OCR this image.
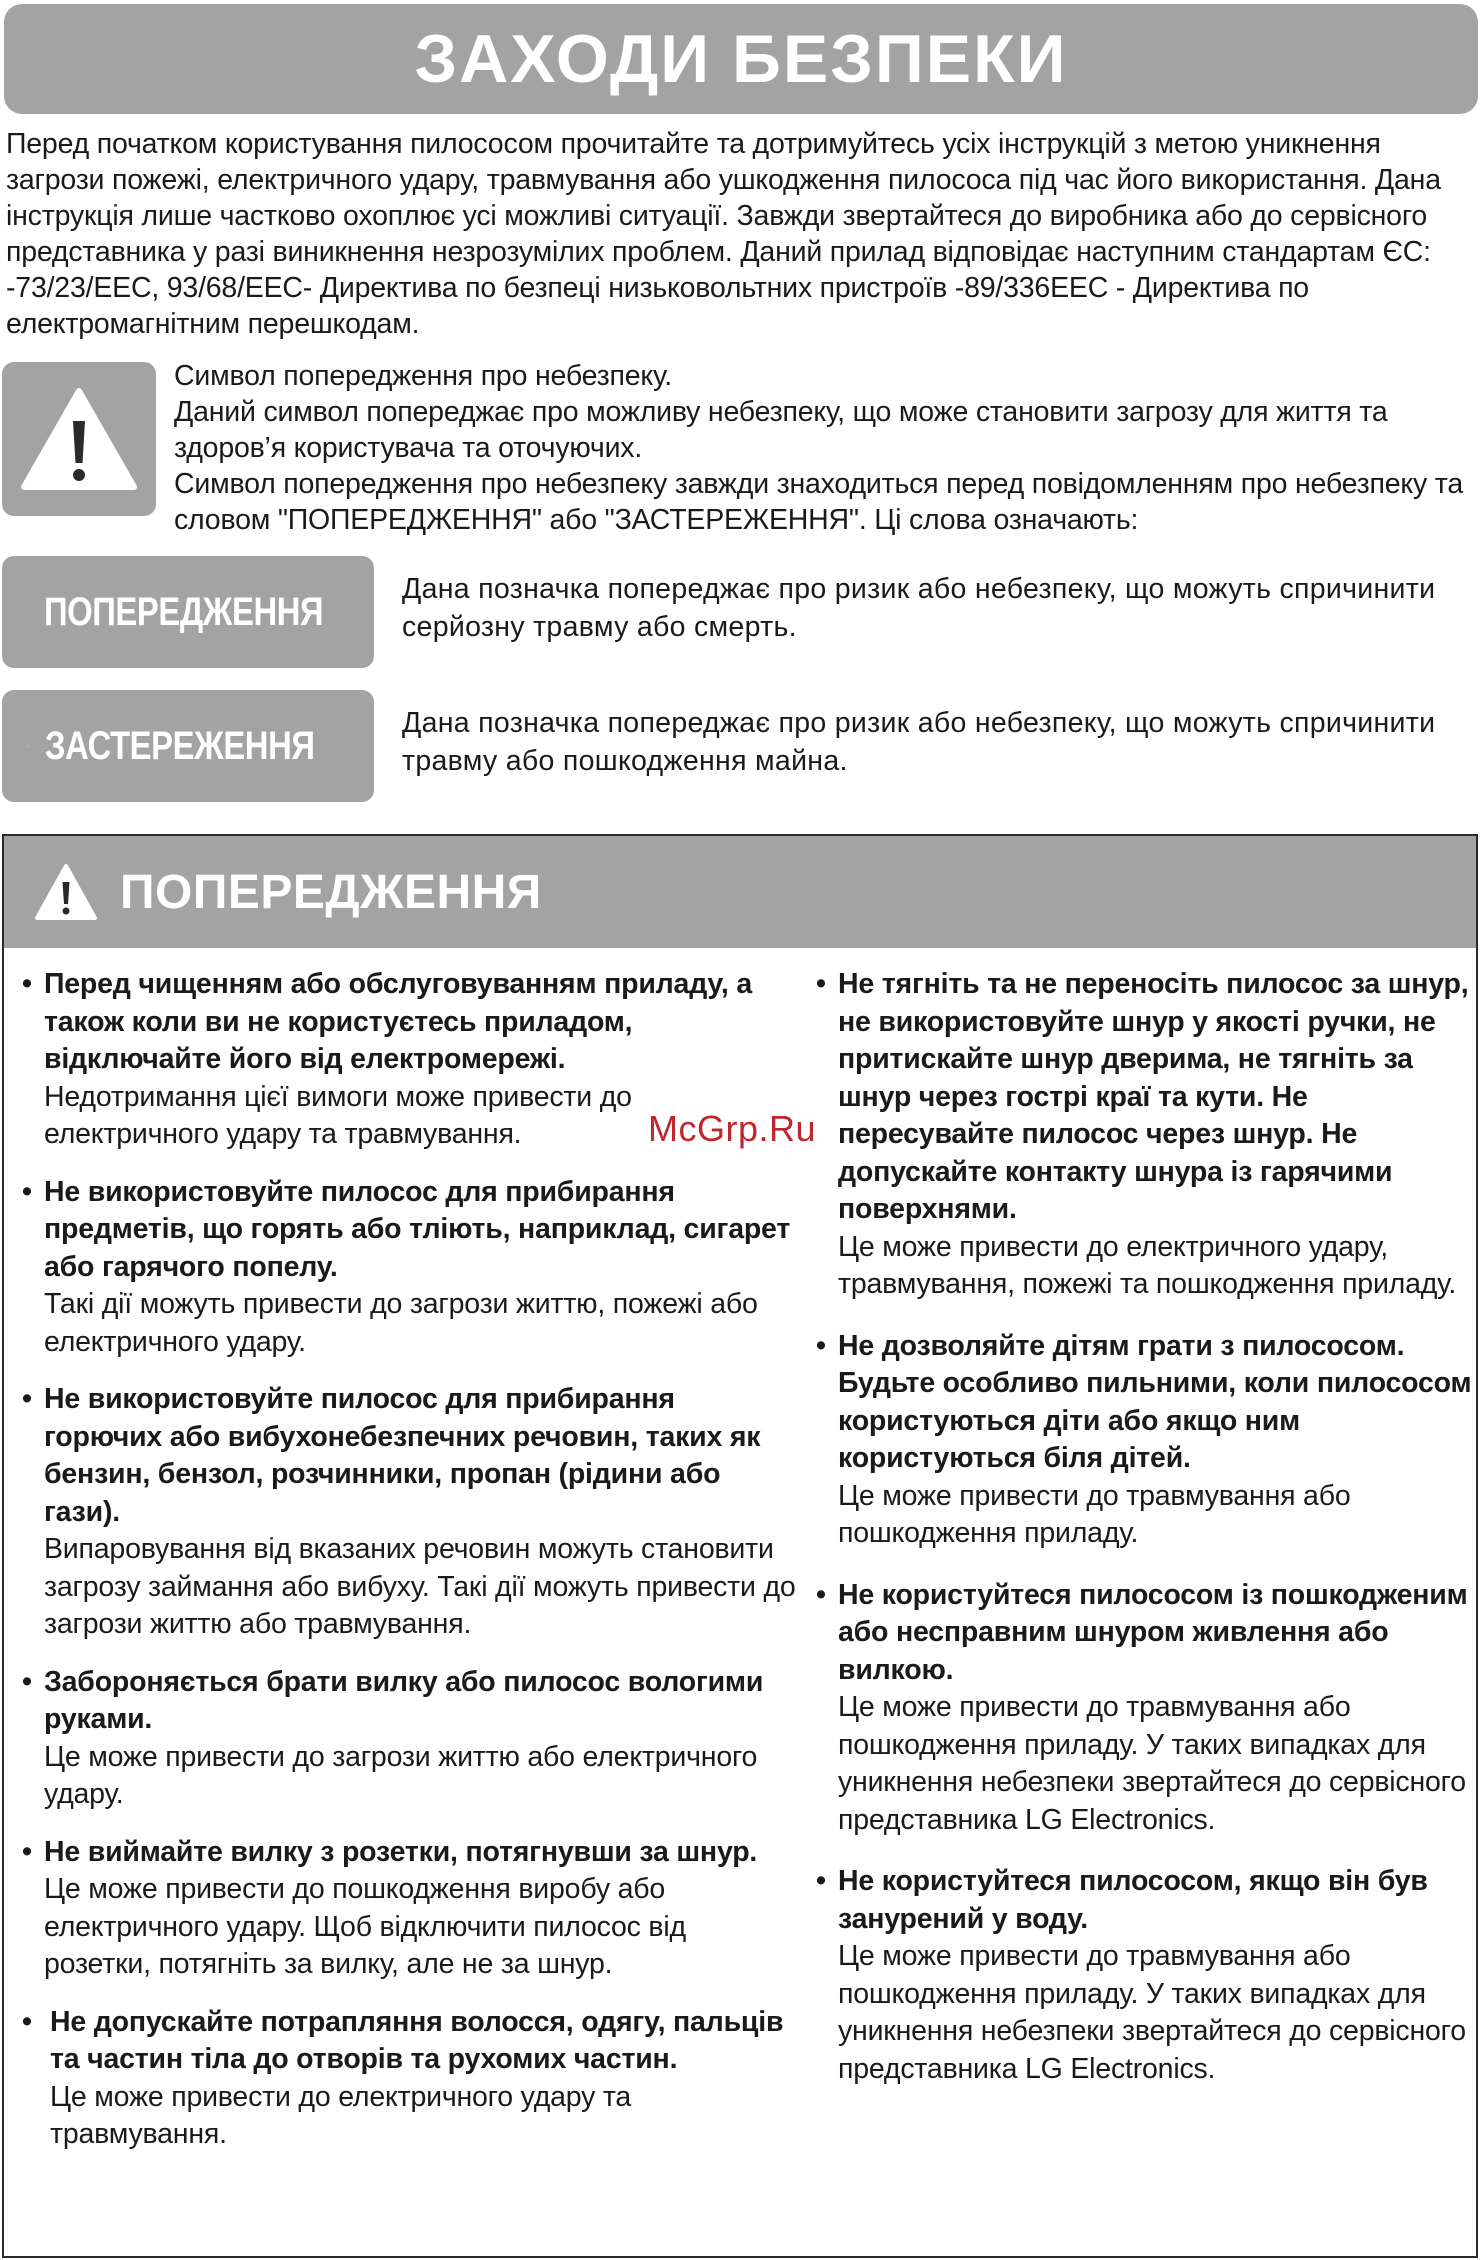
ЗАХОДИ БЕЗПЕКИ

Перед початком користування пилососом прочитайте та дотримуйтесь усіх інструкцій з метою уникнення загрози пожежі, електричного удару, травмування або ушкодження пилососа під час його використання. Дана інструкція лише частково охоплює усі можливі ситуації. Завжди звертайтеся до виробника або до сервісного представника у разі виникнення незрозумілих проблем. Даний прилад відповідає наступним стандартам ЄС: -73/23/EEC, 93/68/EEC- Директива по безпеці низьковольтних пристроїв -89/336EEC - Директива по електромагнітним перешкодам.

Символ попередження про небезпеку.

Даний символ попереджає про можливу небезпеку, що може становити загрозу для життя та здоров’я користувача та оточуючих.

Символ попередження про небезпеку завжди знаходиться перед повідомленням про небезпеку та словом "ПОПЕРЕДЖЕННЯ" або "ЗАСТЕРЕЖЕННЯ". Ці слова означають:

ПОПЕРЕДЖЕННЯ

Дана позначка попереджає про ризик або небезпеку, що можуть спричинити серйозну травму або смерть.

ЗАСТЕРЕЖЕННЯ

Дана позначка попереджає про ризик або небезпеку, що можуть спричинити травму або пошкодження майна.

ПОПЕРЕДЖЕННЯ
• Перед чищенням або обслуговуванням приладу, а також коли ви не користуєтесь приладом, відключайте його від електромережі.
Недотримання цієї вимоги може привести до електричного удару та травмування.
• Не використовуйте пилосос для прибирання предметів, що горять або тліють, наприклад, сигарет або гарячого попелу.
Такі дії можуть привести до загрози життю, пожежі або електричного удару.
• Не використовуйте пилосос для прибирання горючих або вибухонебезпечних речовин, таких як бензин, бензол, розчинники, пропан (рідини або гази).
Випаровування від вказаних речовин можуть становити загрозу займання або вибуху. Такі дії можуть привести до загрози життю або травмування.
• Забороняється брати вилку або пилосос вологими руками.
Це може привести до загрози життю або електричного удару.
• Не виймайте вилку з розетки, потягнувши за шнур.
Це може привести до пошкодження виробу або електричного удару. Щоб відключити пилосос від розетки, потягніть за вилку, але не за шнур.
• Не допускайте потрапляння волосся, одягу, пальців та частин тіла до отворів та рухомих частин.
Це може привести до електричного удару та травмування.
• Не тягніть та не переносіть пилосос за шнур, не використовуйте шнур у якості ручки, не притискайте шнур дверима, не тягніть за шнур через гострі краї та кути. Не пересувайте пилосос через шнур. Не допускайте контакту шнура із гарячими поверхнями.
Це може привести до електричного удару, травмування, пожежі та пошкодження приладу.
• Не дозволяйте дітям грати з пилососом. Будьте особливо пильними, коли пилососом користуються діти або якщо ним користуються біля дітей.
Це може привести до травмування або пошкодження приладу.
• Не користуйтеся пилососом із пошкодженим або несправним шнуром живлення або вилкою.
Це може привести до травмування або пошкодження приладу. У таких випадках для уникнення небезпеки звертайтеся до сервісного представника LG Electronics.
• Не користуйтеся пилососом, якщо він був занурений у воду.
Це може привести до травмування або пошкодження приладу. У таких випадках для уникнення небезпеки звертайтеся до сервісного представника LG Electronics.
McGrp.Ru
